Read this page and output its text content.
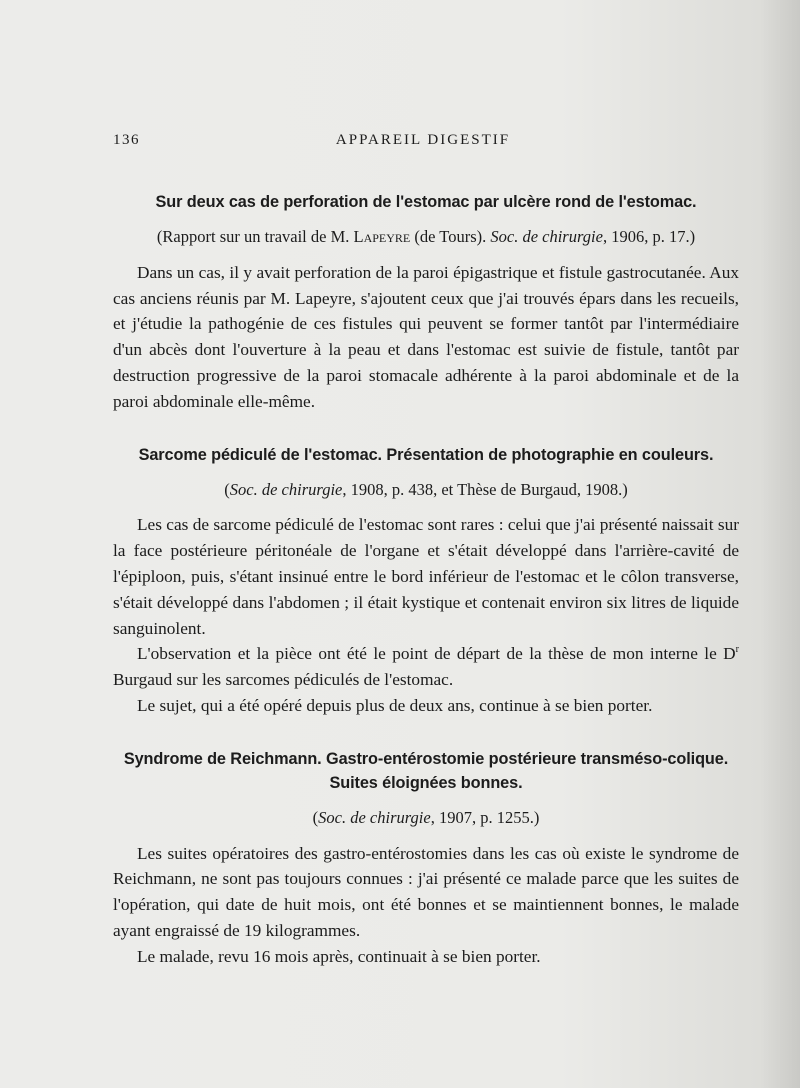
136	APPAREIL DIGESTIF
Sur deux cas de perforation de l'estomac par ulcère rond de l'estomac.
(Rapport sur un travail de M. Lapeyre (de Tours). Soc. de chirurgie, 1906, p. 17.)

Dans un cas, il y avait perforation de la paroi épigastrique et fistule gastrocutanée. Aux cas anciens réunis par M. Lapeyre, s'ajoutent ceux que j'ai trouvés épars dans les recueils, et j'étudie la pathogénie de ces fistules qui peuvent se former tantôt par l'intermédiaire d'un abcès dont l'ouverture à la peau et dans l'estomac est suivie de fistule, tantôt par destruction progressive de la paroi stomacale adhérente à la paroi abdominale et de la paroi abdominale elle-même.

Sarcome pédiculé de l'estomac. Présentation de photographie en couleurs.
(Soc. de chirurgie, 1908, p. 438, et Thèse de Burgaud, 1908.)

Les cas de sarcome pédiculé de l'estomac sont rares : celui que j'ai présenté naissait sur la face postérieure péritonéale de l'organe et s'était développé dans l'arrière-cavité de l'épiploon, puis, s'étant insinué entre le bord inférieur de l'estomac et le côlon transverse, s'était développé dans l'abdomen ; il était kystique et contenait environ six litres de liquide sanguinolent.

L'observation et la pièce ont été le point de départ de la thèse de mon interne le $D^r$ Burgaud sur les sarcomes pédiculés de l'estomac.

Le sujet, qui a été opéré depuis plus de deux ans, continue à se bien porter.

Syndrome de Reichmann. Gastro-entérostomie postérieure transméso-colique.
Suites éloignées bonnes.
(Soc. de chirurgie, 1907, p. 1255.)

Les suites opératoires des gastro-entérostomies dans les cas où existe le syndrome de Reichmann, ne sont pas toujours connues : j'ai présenté ce malade parce que les suites de l'opération, qui date de huit mois, ont été bonnes et se maintiennent bonnes, le malade ayant engraissé de 19 kilogrammes.

Le malade, revu 16 mois après, continuait à se bien porter.
